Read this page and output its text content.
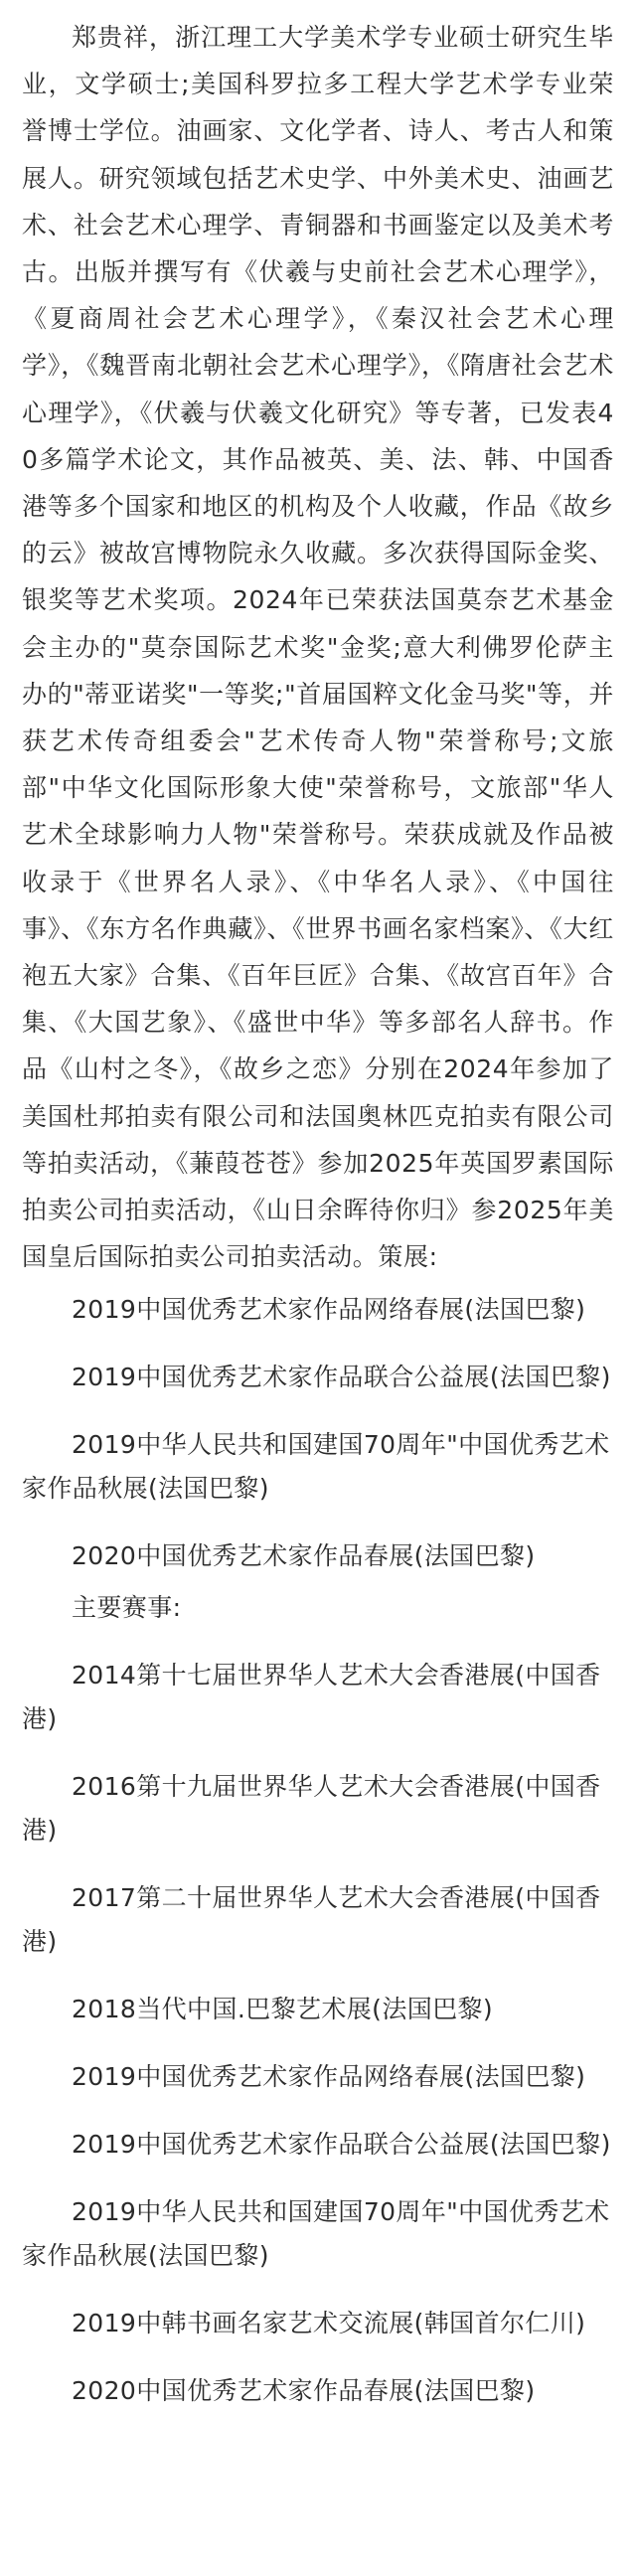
郑贵祥，浙江理工大学美术学专业硕士研究生毕业，文学硕士;美国科罗拉多工程大学艺术学专业荣誉博士学位。油画家、文化学者、诗人、考古人和策展人。研究领域包括艺术史学、中外美术史、油画艺术、社会艺术心理学、青铜器和书画鉴定以及美术考古。出版并撰写有《伏羲与史前社会艺术心理学》，《夏商周社会艺术心理学》，《秦汉社会艺术心理学》，《魏晋南北朝社会艺术心理学》，《隋唐社会艺术心理学》，《伏羲与伏羲文化研究》等专著，已发表40多篇学术论文，其作品被英、美、法、韩、中国香港等多个国家和地区的机构及个人收藏，作品《故乡的云》被故宫博物院永久收藏。多次获得国际金奖、银奖等艺术奖项。2024年已荣获法国莫奈艺术基金会主办的"莫奈国际艺术奖"金奖;意大利佛罗伦萨主办的"蒂亚诺奖"一等奖;"首届国粹文化金马奖"等，并获艺术传奇组委会"艺术传奇人物"荣誉称号;文旅部"中华文化国际形象大使"荣誉称号，文旅部"华人艺术全球影响力人物"荣誉称号。荣获成就及作品被收录于《世界名人录》、《中华名人录》、《中国往事》、《东方名作典藏》、《世界书画名家档案》、《大红袍五大家》合集、《百年巨匠》合集、《故宫百年》合集、《大国艺象》、《盛世中华》等多部名人辞书。作品《山村之冬》，《故乡之恋》分别在2024年参加了美国杜邦拍卖有限公司和法国奥林匹克拍卖有限公司等拍卖活动，《蒹葭苍苍》参加2025年英国罗素国际拍卖公司拍卖活动，《山日余晖待你归》参2025年美国皇后国际拍卖公司拍卖活动。策展:

2019中国优秀艺术家作品网络春展(法国巴黎)

2019中国优秀艺术家作品联合公益展(法国巴黎)

2019中华人民共和国建国70周年"中国优秀艺术家作品秋展(法国巴黎)

2020中国优秀艺术家作品春展(法国巴黎)

主要赛事:

2014第十七届世界华人艺术大会香港展(中国香港)

2016第十九届世界华人艺术大会香港展(中国香港)

2017第二十届世界华人艺术大会香港展(中国香港)

2018当代中国.巴黎艺术展(法国巴黎)

2019中国优秀艺术家作品网络春展(法国巴黎)

2019中国优秀艺术家作品联合公益展(法国巴黎)

2019中华人民共和国建国70周年"中国优秀艺术家作品秋展(法国巴黎)

2019中韩书画名家艺术交流展(韩国首尔仁川)

2020中国优秀艺术家作品春展(法国巴黎)
